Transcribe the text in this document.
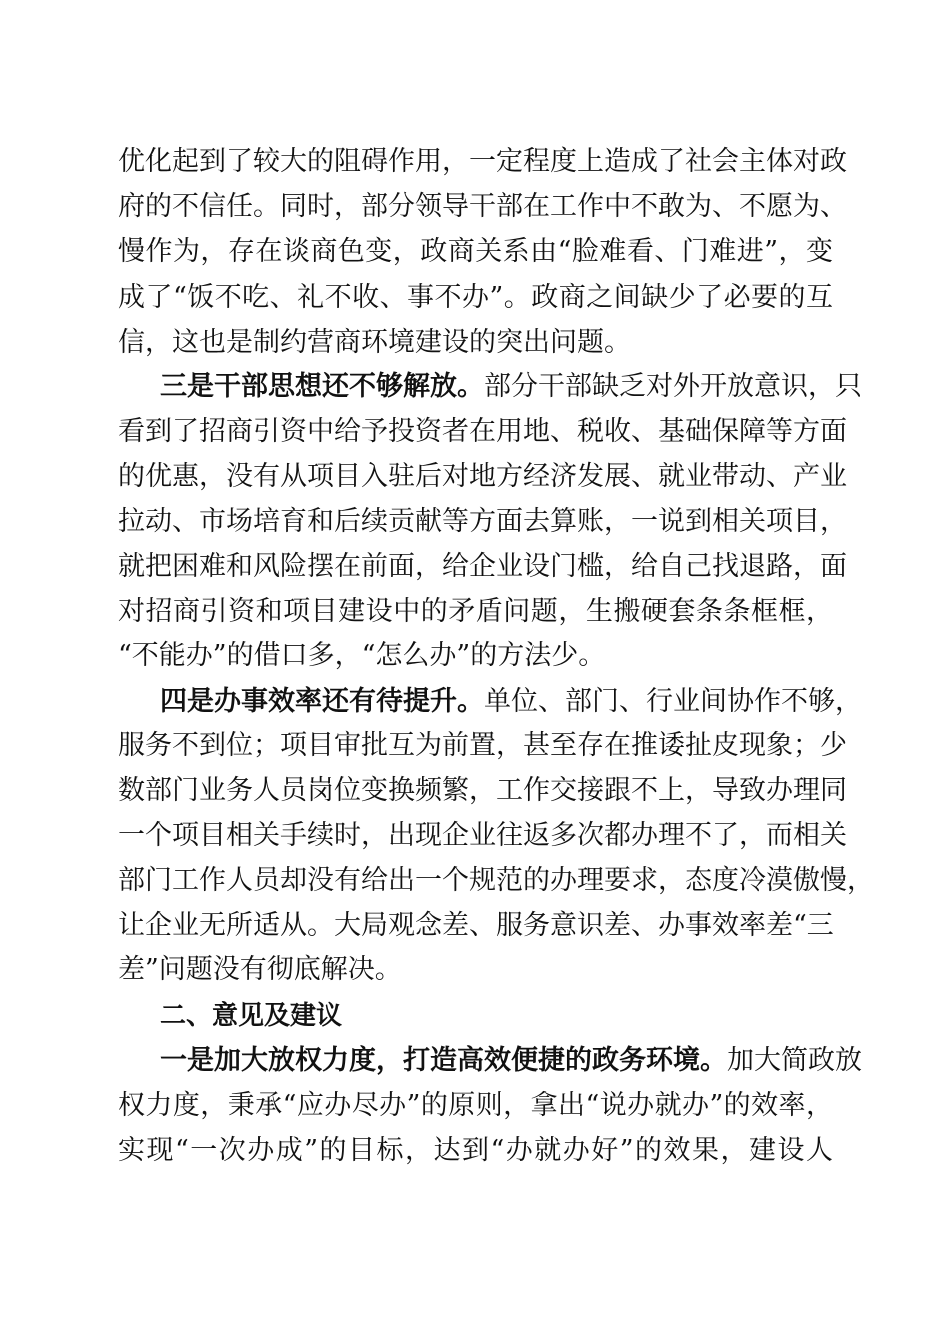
优化起到了较大的阻碍作用，一定程度上造成了社会主体对政
府的不信任。同时，部分领导干部在工作中不敢为、不愿为、
慢作为，存在谈商色变，政商关系由“脸难看、门难进”，变
成了“饭不吃、礼不收、事不办”。政商之间缺少了必要的互
信，这也是制约营商环境建设的突出问题。
三是干部思想还不够解放。部分干部缺乏对外开放意识，只
看到了招商引资中给予投资者在用地、税收、基础保障等方面
的优惠，没有从项目入驻后对地方经济发展、就业带动、产业
拉动、市场培育和后续贡献等方面去算账，一说到相关项目，
就把困难和风险摆在前面，给企业设门槛，给自己找退路，面
对招商引资和项目建设中的矛盾问题，生搬硬套条条框框，
“不能办”的借口多，“怎么办”的方法少。
四是办事效率还有待提升。单位、部门、行业间协作不够，
服务不到位；项目审批互为前置，甚至存在推诿扯皮现象；少
数部门业务人员岗位变换频繁，工作交接跟不上，导致办理同
一个项目相关手续时，出现企业往返多次都办理不了，而相关
部门工作人员却没有给出一个规范的办理要求，态度冷漠傲慢，
让企业无所适从。大局观念差、服务意识差、办事效率差“三
差”问题没有彻底解决。
二、意见及建议
一是加大放权力度，打造高效便捷的政务环境。加大简政放
权力度，秉承“应办尽办”的原则，拿出“说办就办”的效率，
实现“一次办成”的目标，达到“办就办好”的效果，建设人
